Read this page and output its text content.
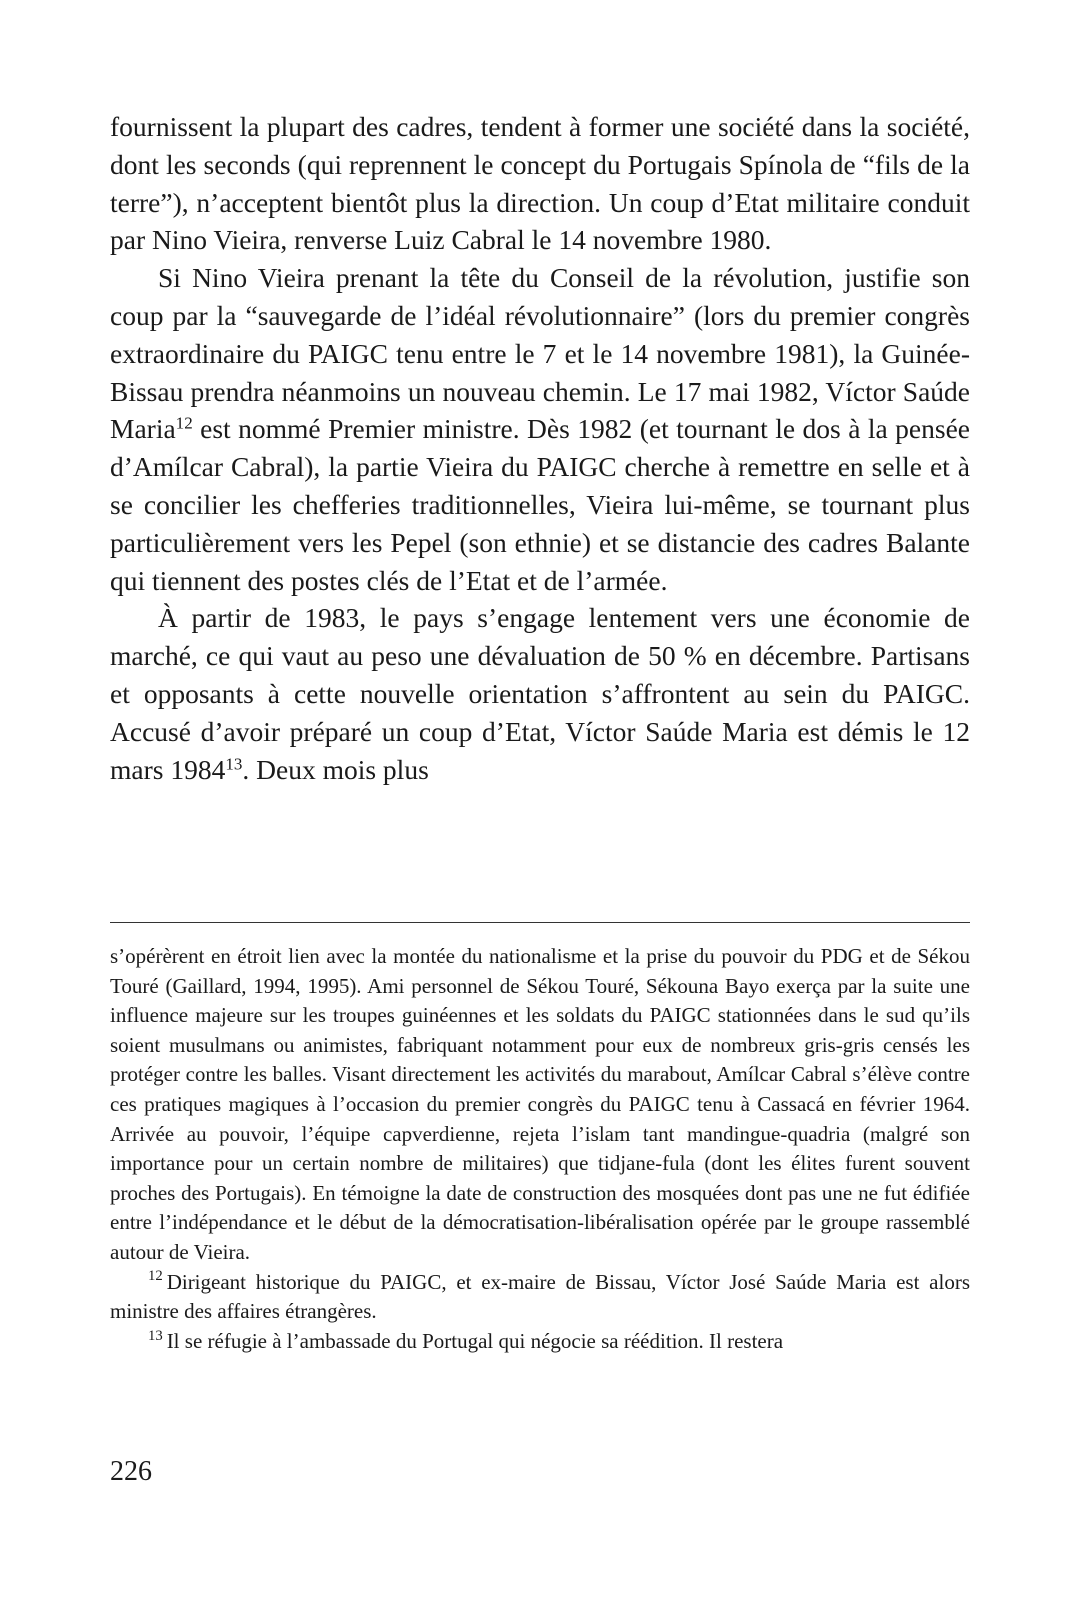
fournissent la plupart des cadres, tendent à former une société dans la société, dont les seconds (qui reprennent le concept du Portugais Spínola de “fils de la terre”), n’acceptent bientôt plus la direction. Un coup d’Etat militaire conduit par Nino Vieira, renverse Luiz Cabral le 14 novembre 1980.

Si Nino Vieira prenant la tête du Conseil de la révolution, justifie son coup par la “sauvegarde de l’idéal révolutionnaire” (lors du premier congrès extraordinaire du PAIGC tenu entre le 7 et le 14 novembre 1981), la Guinée-Bissau prendra néanmoins un nouveau chemin. Le 17 mai 1982, Víctor Saúde Maria$^{12}$ est nommé Premier ministre. Dès 1982 (et tournant le dos à la pensée d’Amílcar Cabral), la partie Vieira du PAIGC cherche à remettre en selle et à se concilier les chefferies traditionnelles, Vieira lui-même, se tournant plus particulièrement vers les Pepel (son ethnie) et se distancie des cadres Balante qui tiennent des postes clés de l’Etat et de l’armée.

À partir de 1983, le pays s’engage lentement vers une économie de marché, ce qui vaut au peso une dévaluation de 50 % en décembre. Partisans et opposants à cette nouvelle orientation s’affrontent au sein du PAIGC. Accusé d’avoir préparé un coup d’Etat, Víctor Saúde Maria est démis le 12 mars 1984$^{13}$. Deux mois plus

s’opérèrent en étroit lien avec la montée du nationalisme et la prise du pouvoir du PDG et de Sékou Touré (Gaillard, 1994, 1995). Ami personnel de Sékou Touré, Sékouna Bayo exerça par la suite une influence majeure sur les troupes guinéennes et les soldats du PAIGC stationnées dans le sud qu’ils soient musulmans ou animistes, fabriquant notamment pour eux de nombreux gris-gris censés les protéger contre les balles. Visant directement les activités du marabout, Amílcar Cabral s’élève contre ces pratiques magiques à l’occasion du premier congrès du PAIGC tenu à Cassacá en février 1964. Arrivée au pouvoir, l’équipe capverdienne, rejeta l’islam tant mandingue-quadria (malgré son importance pour un certain nombre de militaires) que tidjane-fula (dont les élites furent souvent proches des Portugais). En témoigne la date de construction des mosquées dont pas une ne fut édifiée entre l’indépendance et le début de la démocratisation-libéralisation opérée par le groupe rassemblé autour de Vieira.

$^{12}$ Dirigeant historique du PAIGC, et ex-maire de Bissau, Víctor José Saúde Maria est alors ministre des affaires étrangères.

$^{13}$ Il se réfugie à l’ambassade du Portugal qui négocie sa réédition. Il restera

226
